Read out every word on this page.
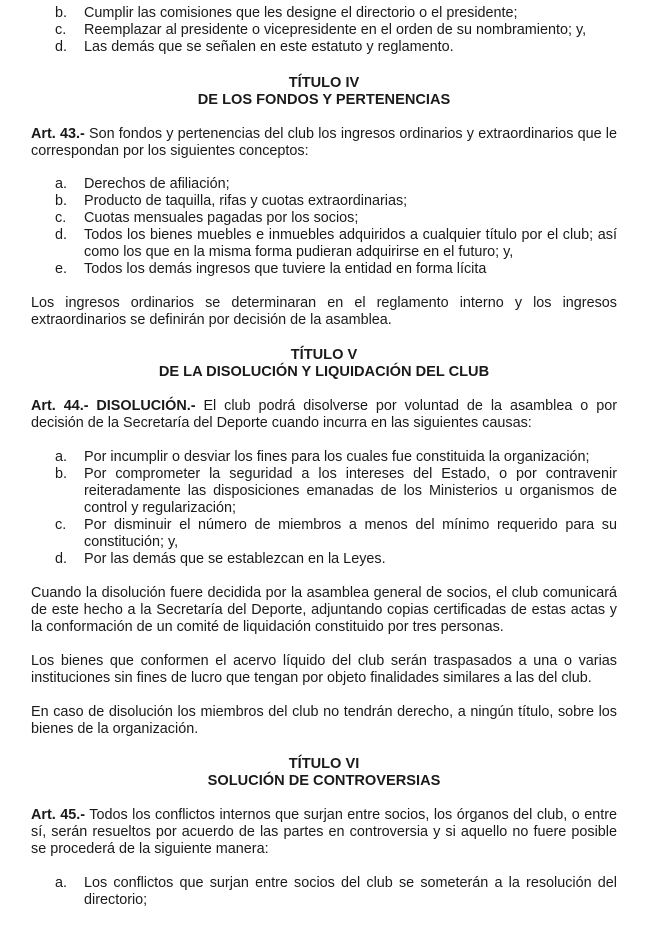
b. Cumplir las comisiones que les designe el directorio o el presidente;
c. Reemplazar al presidente o vicepresidente en el orden de su nombramiento; y,
d. Las demás que se señalen en este estatuto y reglamento.
TÍTULO IV
DE LOS FONDOS Y PERTENENCIAS

Art. 43.- Son fondos y pertenencias del club los ingresos ordinarios y extraordinarios que le correspondan por los siguientes conceptos:

a. Derechos de afiliación;
b. Producto de taquilla, rifas y cuotas extraordinarias;
c. Cuotas mensuales pagadas por los socios;
d. Todos los bienes muebles e inmuebles adquiridos a cualquier título por el club; así como los que en la misma forma pudieran adquirirse en el futuro; y,
e. Todos los demás ingresos que tuviere la entidad en forma lícita

Los ingresos ordinarios se determinaran en el reglamento interno y los ingresos extraordinarios se definirán por decisión de la asamblea.

TÍTULO V
DE LA DISOLUCIÓN Y LIQUIDACIÓN DEL CLUB

Art. 44.- DISOLUCIÓN.- El club podrá disolverse por voluntad de la asamblea o por decisión de la Secretaría del Deporte cuando incurra en las siguientes causas:

a. Por incumplir o desviar los fines para los cuales fue constituida la organización;
b. Por comprometer la seguridad a los intereses del Estado, o por contravenir reiteradamente las disposiciones emanadas de los Ministerios u organismos de control y regularización;
c. Por disminuir el número de miembros a menos del mínimo requerido para su constitución; y,
d. Por las demás que se establezcan en la Leyes.

Cuando la disolución fuere decidida por la asamblea general de socios, el club comunicará de este hecho a la Secretaría del Deporte, adjuntando copias certificadas de estas actas y la conformación de un comité de liquidación constituido por tres personas.

Los bienes que conformen el acervo líquido del club serán traspasados a una o varias instituciones sin fines de lucro que tengan por objeto finalidades similares a las del club.

En caso de disolución los miembros del club no tendrán derecho, a ningún título, sobre los bienes de la organización.

TÍTULO VI
SOLUCIÓN DE CONTROVERSIAS

Art. 45.- Todos los conflictos internos que surjan entre socios, los órganos del club, o entre sí, serán resueltos por acuerdo de las partes en controversia y si aquello no fuere posible se procederá de la siguiente manera:

a. Los conflictos que surjan entre socios del club se someterán a la resolución del directorio;
